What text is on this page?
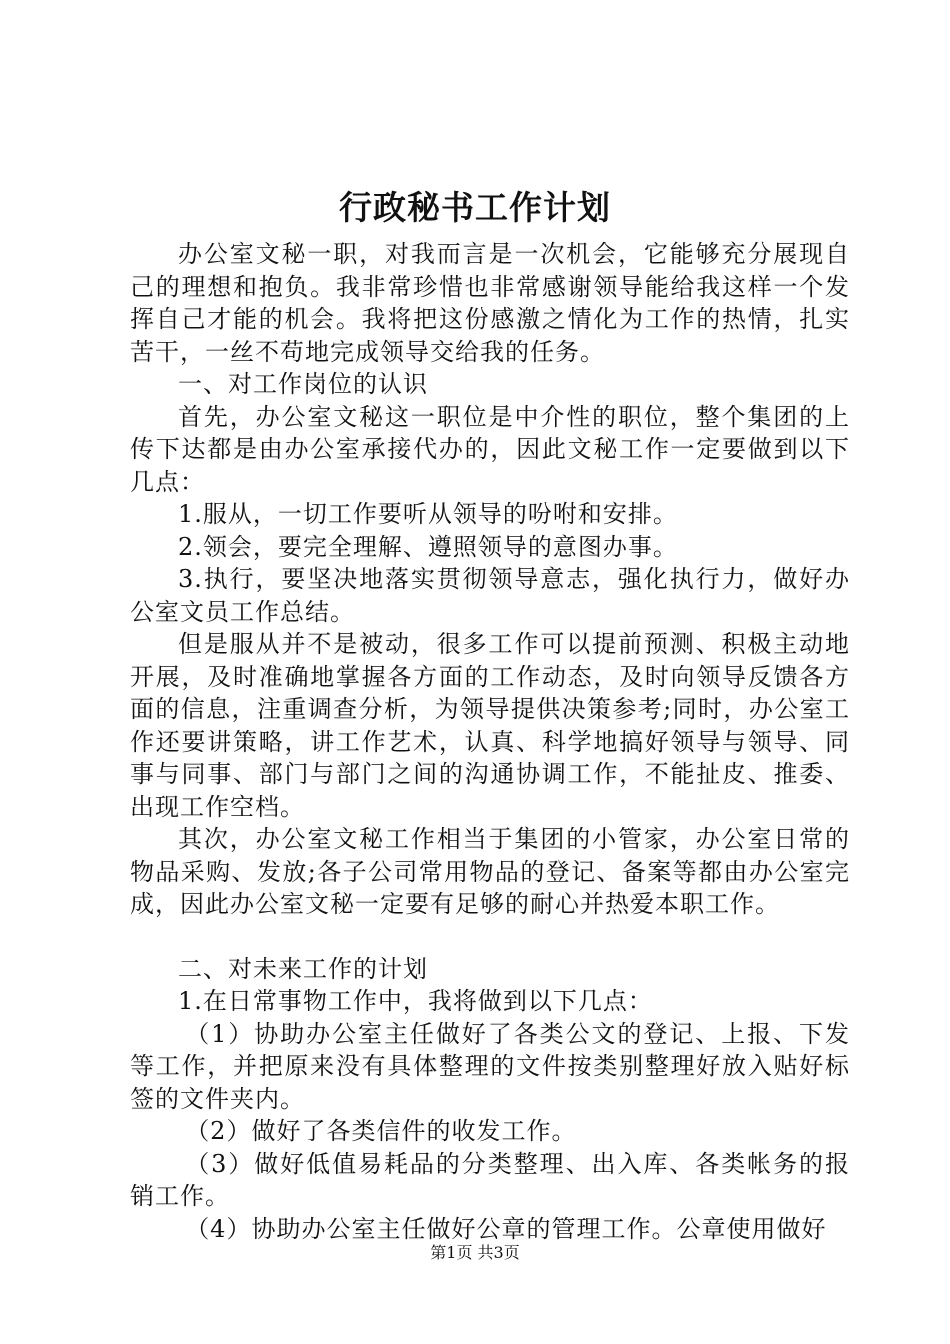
行政秘书工作计划

办公室文秘一职，对我而言是一次机会，它能够充分展现自己的理想和抱负。我非常珍惜也非常感谢领导能给我这样一个发挥自己才能的机会。我将把这份感激之情化为工作的热情，扎实苦干，一丝不苟地完成领导交给我的任务。

一、对工作岗位的认识

首先，办公室文秘这一职位是中介性的职位，整个集团的上传下达都是由办公室承接代办的，因此文秘工作一定要做到以下几点：

1.服从，一切工作要听从领导的吩咐和安排。

2.领会，要完全理解、遵照领导的意图办事。

3.执行，要坚决地落实贯彻领导意志，强化执行力，做好办公室文员工作总结。

但是服从并不是被动，很多工作可以提前预测、积极主动地开展，及时准确地掌握各方面的工作动态，及时向领导反馈各方面的信息，注重调查分析，为领导提供决策参考;同时，办公室工作还要讲策略，讲工作艺术，认真、科学地搞好领导与领导、同事与同事、部门与部门之间的沟通协调工作，不能扯皮、推委、出现工作空档。

其次，办公室文秘工作相当于集团的小管家，办公室日常的物品采购、发放;各子公司常用物品的登记、备案等都由办公室完成，因此办公室文秘一定要有足够的耐心并热爱本职工作。

二、对未来工作的计划

1.在日常事物工作中，我将做到以下几点：

（1）协助办公室主任做好了各类公文的登记、上报、下发等工作，并把原来没有具体整理的文件按类别整理好放入贴好标签的文件夹内。

（2）做好了各类信件的收发工作。

（3）做好低值易耗品的分类整理、出入库、各类帐务的报销工作。

（4）协助办公室主任做好公章的管理工作。公章使用做好

第1页 共3页
